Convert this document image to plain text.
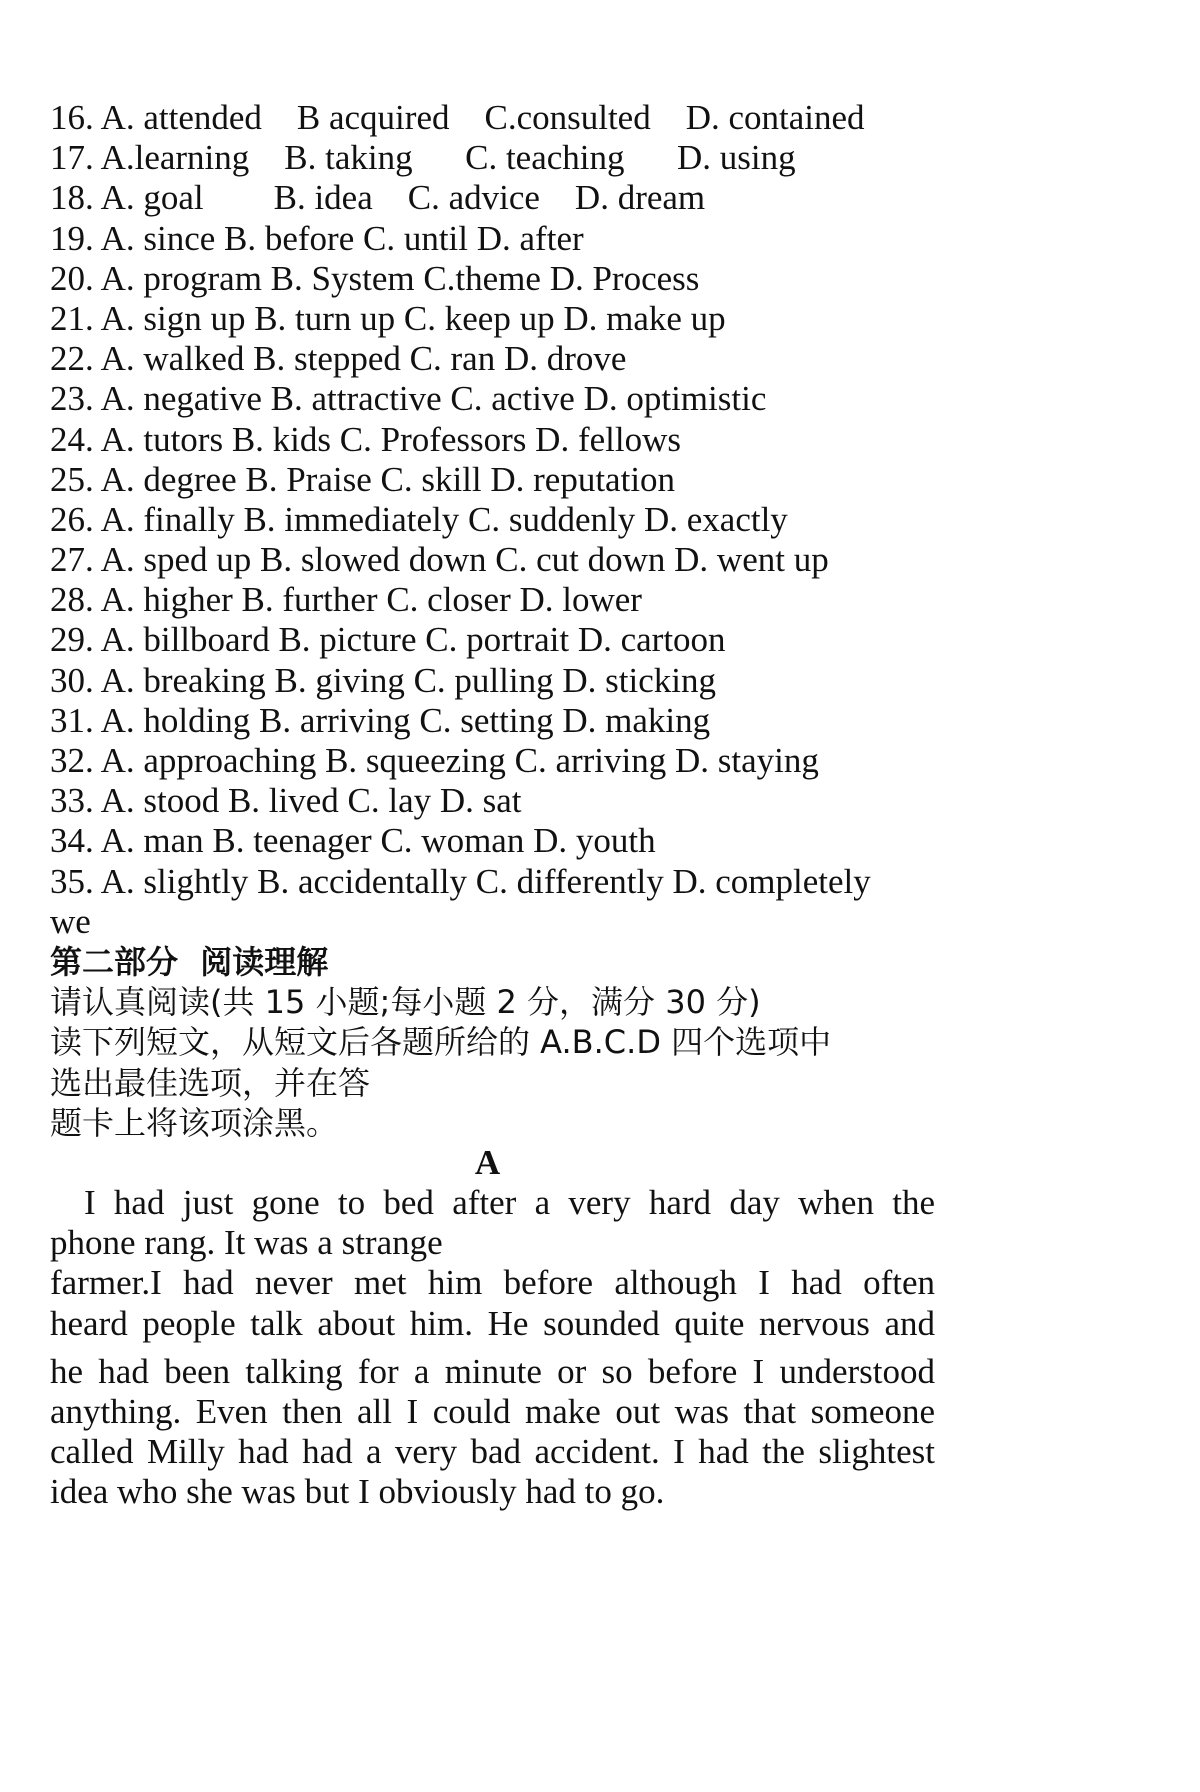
16. A. attended    B acquired    C.consulted    D. contained
17. A.learning    B. taking      C. teaching      D. using
18. A. goal        B. idea    C. advice    D. dream
19. A. since B. before C. until D. after
20. A. program B. System C.theme D. Process
21. A. sign up B. turn up C. keep up D. make up
22. A. walked B. stepped C. ran D. drove
23. A. negative B. attractive C. active D. optimistic
24. A. tutors B. kids C. Professors D. fellows
25. A. degree B. Praise C. skill D. reputation
26. A. finally B. immediately C. suddenly D. exactly
27. A. sped up B. slowed down C. cut down D. went up
28. A. higher B. further C. closer D. lower
29. A. billboard B. picture C. portrait D. cartoon
30. A. breaking B. giving C. pulling D. sticking
31. A. holding B. arriving C. setting D. making
32. A. approaching B. squeezing C. arriving D. staying
33. A. stood B. lived C. lay D. sat
34. A. man B. teenager C. woman D. youth
35. A. slightly B. accidentally C. differently D. completely
we
第二部分  阅读理解
请认真阅读(共 15 小题;每小题 2 分，满分 30 分)
读下列短文，从短文后各题所给的 A.B.C.D 四个选项中
选出最佳选项，并在答
题卡上将该项涂黑。
A
I had just gone to bed after a very hard day when the
phone rang. It was a strange
farmer.I had never met him before although I had often
heard people talk about him. He sounded quite nervous and
he had been talking for a minute or so before I understood
anything. Even then all I could make out was that someone
called Milly had had a very bad accident. I had the slightest
idea who she was but I obviously had to go.
